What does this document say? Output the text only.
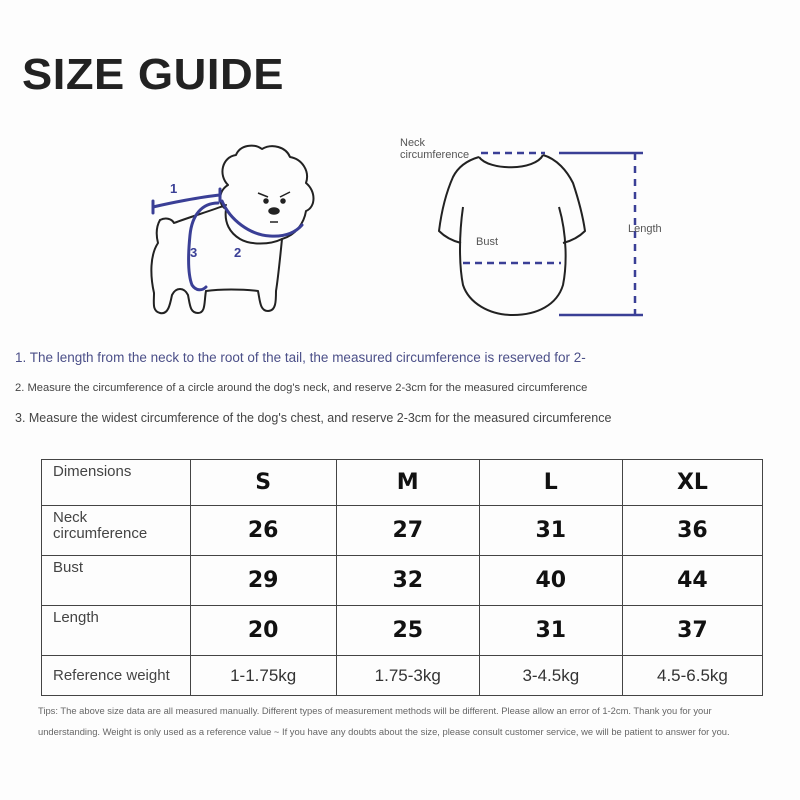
SIZE GUIDE
1
3	2
Neck
circumference
Bust
Length
1. The length from the neck to the root of the tail, the measured circumference is reserved for 2-
2. Measure the circumference of a circle around the dog's neck, and reserve 2-3cm for the measured circumference
3. Measure the widest circumference of the dog's chest, and reserve 2-3cm for the measured circumference
Dimensions	S	M	L	XL

Neck
circumference	26	27	31	36
Bust	29	32	40	44
Length	20	25	31	37
Reference weight	1-1.75kg	1.75-3kg	3-4.5kg	4.5-6.5kg
Tips: The above size data are all measured manually. Different types of measurement methods will be different. Please allow an error of 1-2cm. Thank you for your
understanding. Weight is only used as a reference value ~ If you have any doubts about the size, please consult customer service, we will be patient to answer for you.
